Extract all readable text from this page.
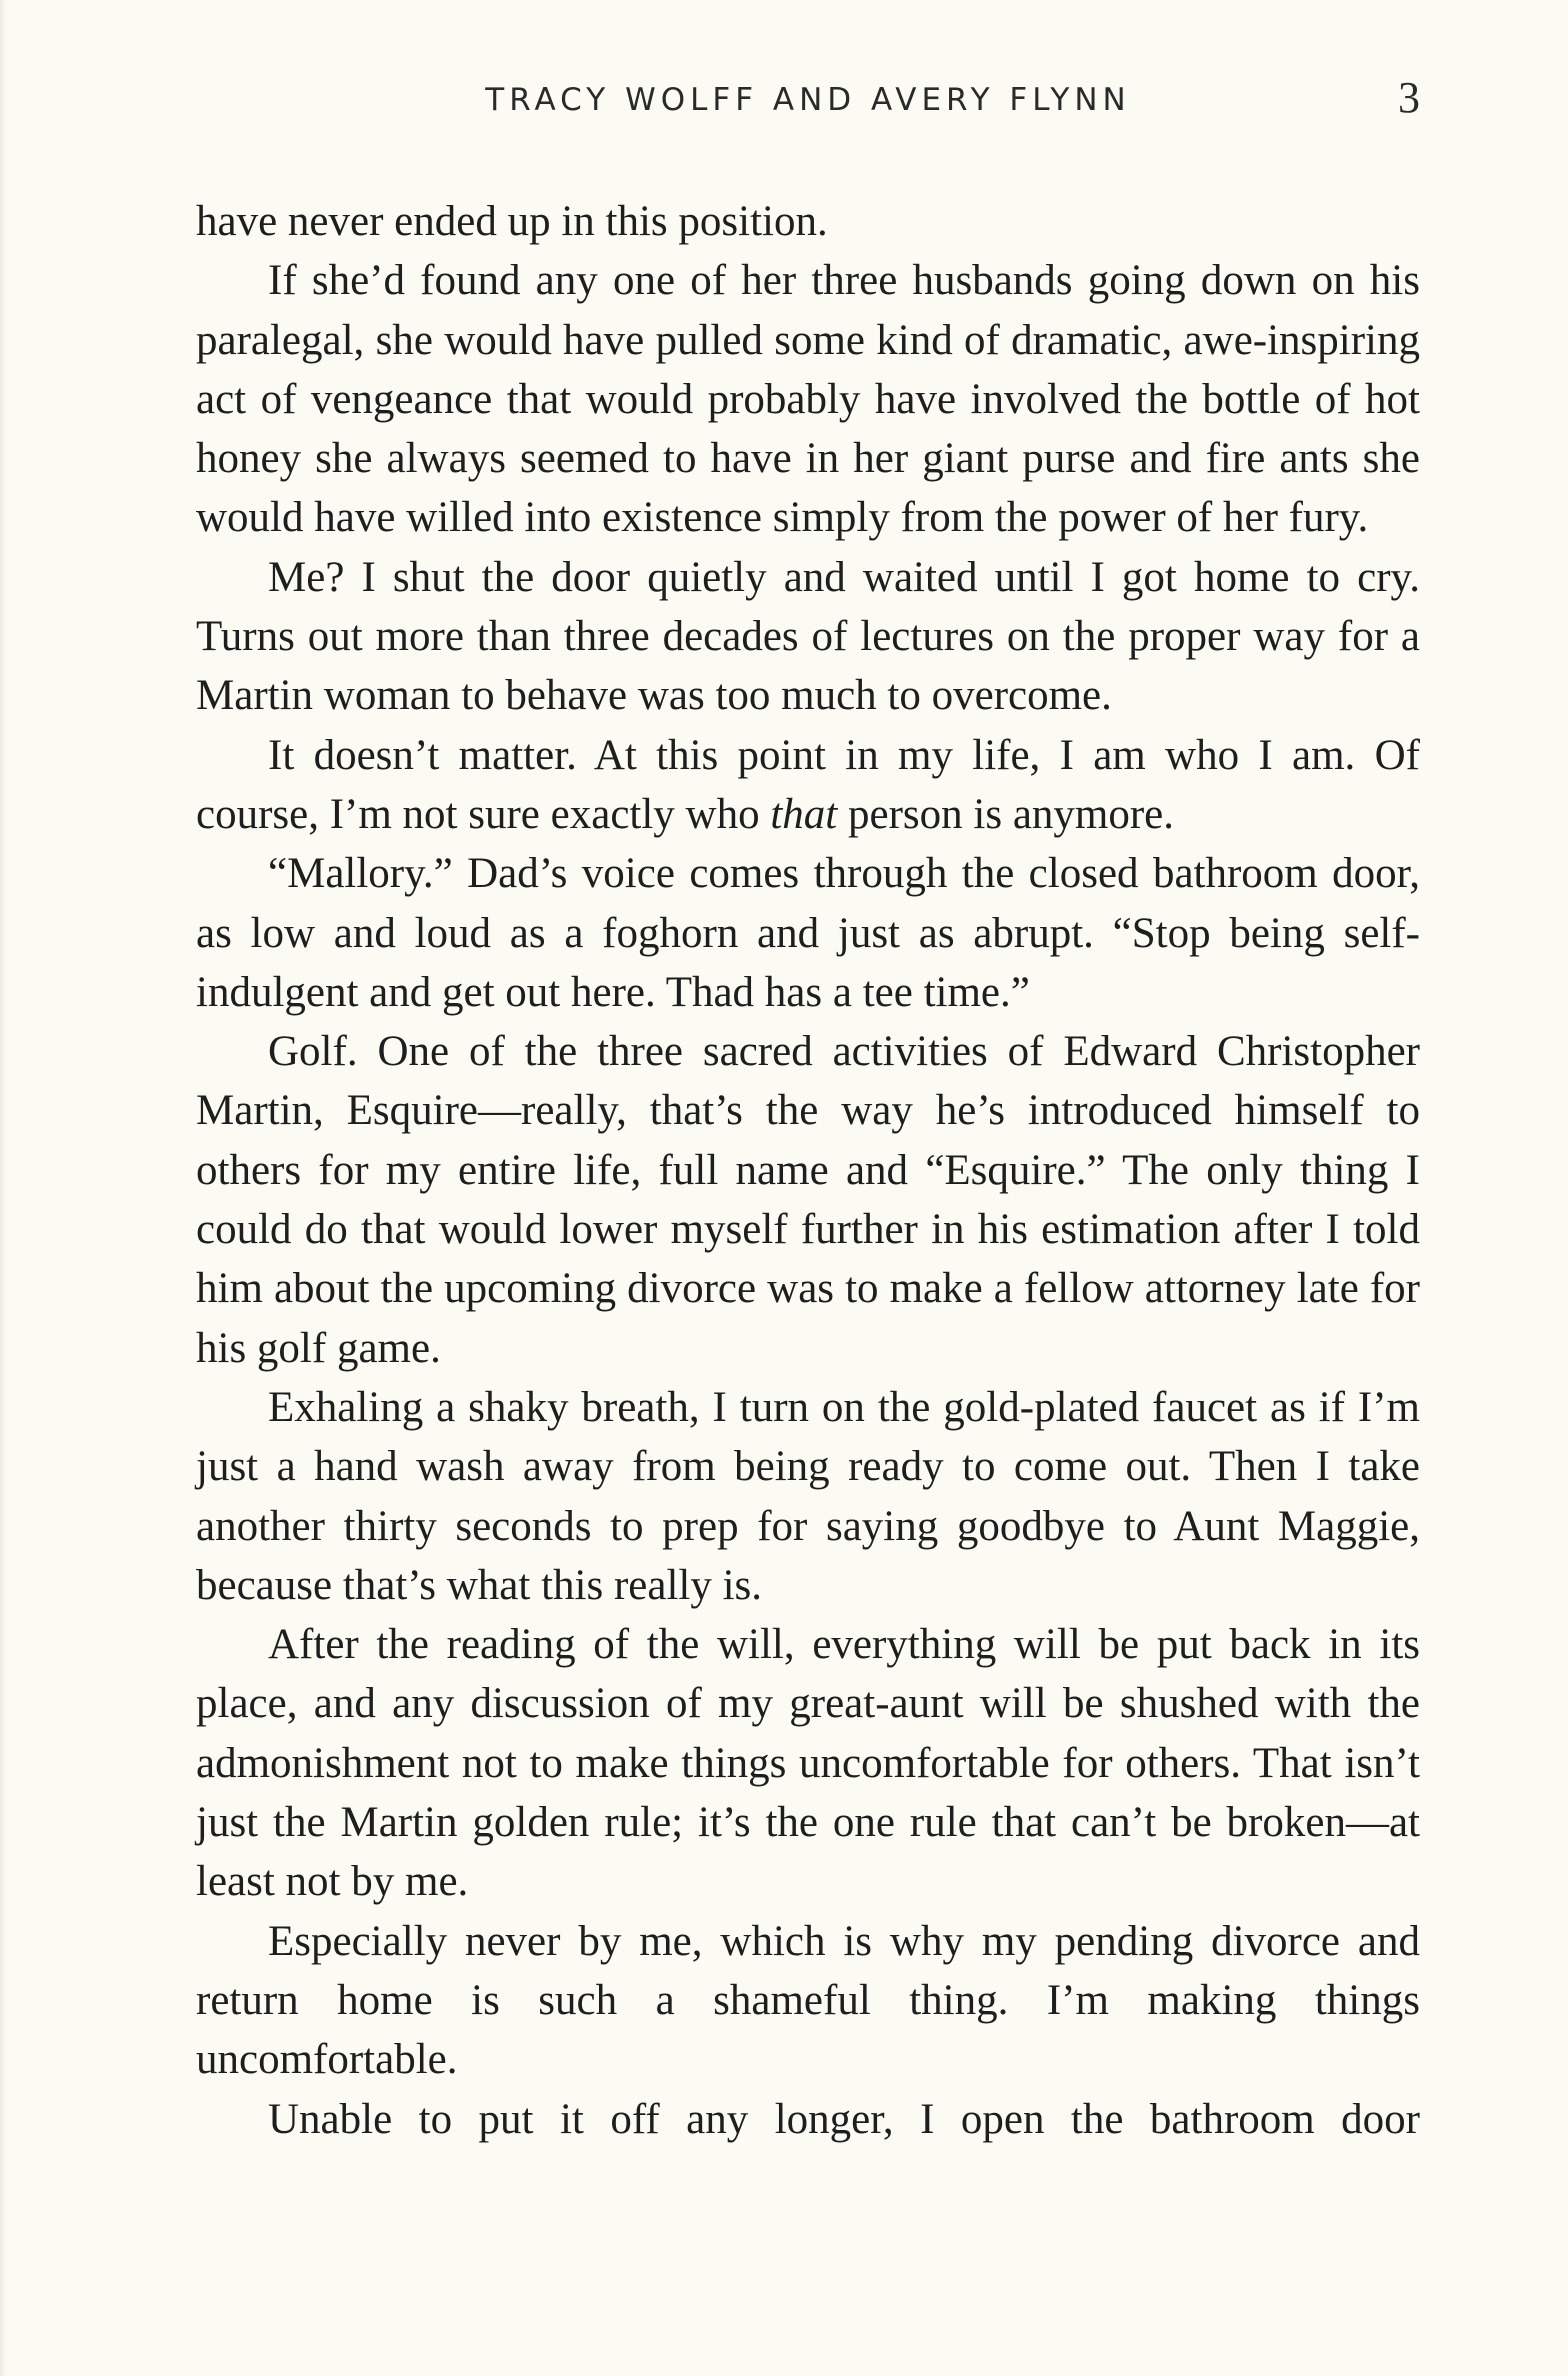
TRACY WOLFF AND AVERY FLYNN	3

have never ended up in this position.

If she’d found any one of her three husbands going down on his paralegal, she would have pulled some kind of dramatic, awe-inspiring act of vengeance that would probably have involved the bottle of hot honey she always seemed to have in her giant purse and fire ants she would have willed into existence simply from the power of her fury.

Me? I shut the door quietly and waited until I got home to cry. Turns out more than three decades of lectures on the proper way for a Martin woman to behave was too much to overcome.

It doesn’t matter. At this point in my life, I am who I am. Of course, I’m not sure exactly who that person is anymore.

“Mallory.” Dad’s voice comes through the closed bathroom door, as low and loud as a foghorn and just as abrupt. “Stop being self-indulgent and get out here. Thad has a tee time.”

Golf. One of the three sacred activities of Edward Christopher Martin, Esquire—really, that’s the way he’s introduced himself to others for my entire life, full name and “Esquire.” The only thing I could do that would lower myself further in his estimation after I told him about the upcoming divorce was to make a fellow attorney late for his golf game.

Exhaling a shaky breath, I turn on the gold-plated faucet as if I’m just a hand wash away from being ready to come out. Then I take another thirty seconds to prep for saying goodbye to Aunt Maggie, because that’s what this really is.

After the reading of the will, everything will be put back in its place, and any discussion of my great-aunt will be shushed with the admonishment not to make things uncomfortable for others. That isn’t just the Martin golden rule; it’s the one rule that can’t be broken—at least not by me.

Especially never by me, which is why my pending divorce and return home is such a shameful thing. I’m making things uncomfortable.

Unable to put it off any longer, I open the bathroom door
